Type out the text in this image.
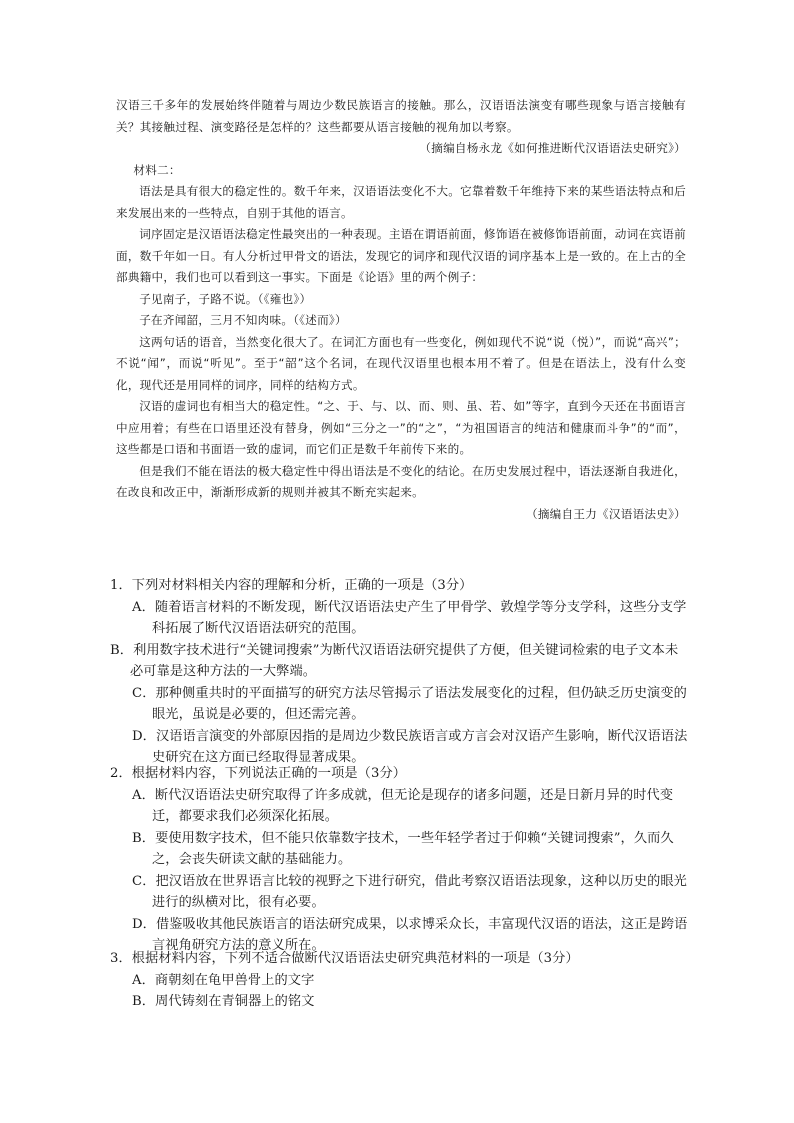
汉语三千多年的发展始终伴随着与周边少数民族语言的接触。那么，汉语语法演变有哪些现象与语言接触有关？其接触过程、演变路径是怎样的？这些都要从语言接触的视角加以考察。

（摘编自杨永龙《如何推进断代汉语语法史研究》）

材料二：

语法是具有很大的稳定性的。数千年来，汉语语法变化不大。它靠着数千年维持下来的某些语法特点和后来发展出来的一些特点，自别于其他的语言。

词序固定是汉语语法稳定性最突出的一种表现。主语在谓语前面，修饰语在被修饰语前面，动词在宾语前面，数千年如一日。有人分析过甲骨文的语法，发现它的词序和现代汉语的词序基本上是一致的。在上古的全部典籍中，我们也可以看到这一事实。下面是《论语》里的两个例子：

子见南子，子路不说。（《雍也》）

子在齐闻韶，三月不知肉味。（《述而》）

这两句话的语音，当然变化很大了。在词汇方面也有一些变化，例如现代不说“说（悦）”，而说“高兴”；不说“闻”，而说“听见”。至于“韶”这个名词，在现代汉语里也根本用不着了。但是在语法上，没有什么变化，现代还是用同样的词序，同样的结构方式。

汉语的虚词也有相当大的稳定性。“之、于、与、以、而、则、虽、若、如”等字，直到今天还在书面语言中应用着；有些在口语里还没有替身，例如“三分之一”的“之”，“为祖国语言的纯洁和健康而斗争”的“而”，这些都是口语和书面语一致的虚词，而它们正是数千年前传下来的。

但是我们不能在语法的极大稳定性中得出语法是不变化的结论。在历史发展过程中，语法逐渐自我进化，在改良和改正中，渐渐形成新的规则并被其不断充实起来。

（摘编自王力《汉语语法史》）

1．下列对材料相关内容的理解和分析，正确的一项是（3分）

A．随着语言材料的不断发现，断代汉语语法史产生了甲骨学、敦煌学等分支学科，这些分支学科拓展了断代汉语语法研究的范围。

B．利用数字技术进行“关键词搜索”为断代汉语语法研究提供了方便，但关键词检索的电子文本未必可靠是这种方法的一大弊端。

C．那种侧重共时的平面描写的研究方法尽管揭示了语法发展变化的过程，但仍缺乏历史演变的眼光，虽说是必要的，但还需完善。

D．汉语语言演变的外部原因指的是周边少数民族语言或方言会对汉语产生影响，断代汉语语法史研究在这方面已经取得显著成果。

2．根据材料内容，下列说法正确的一项是（3分）

A．断代汉语语法史研究取得了许多成就，但无论是现存的诸多问题，还是日新月异的时代变迁，都要求我们必须深化拓展。

B．要使用数字技术，但不能只依靠数字技术，一些年轻学者过于仰赖“关键词搜索”，久而久之，会丧失研读文献的基础能力。

C．把汉语放在世界语言比较的视野之下进行研究，借此考察汉语语法现象，这种以历史的眼光进行的纵横对比，很有必要。

D．借鉴吸收其他民族语言的语法研究成果，以求博采众长，丰富现代汉语的语法，这正是跨语言视角研究方法的意义所在。

3．根据材料内容，下列不适合做断代汉语语法史研究典范材料的一项是（3分）

A．商朝刻在龟甲兽骨上的文字

B．周代铸刻在青铜器上的铭文
